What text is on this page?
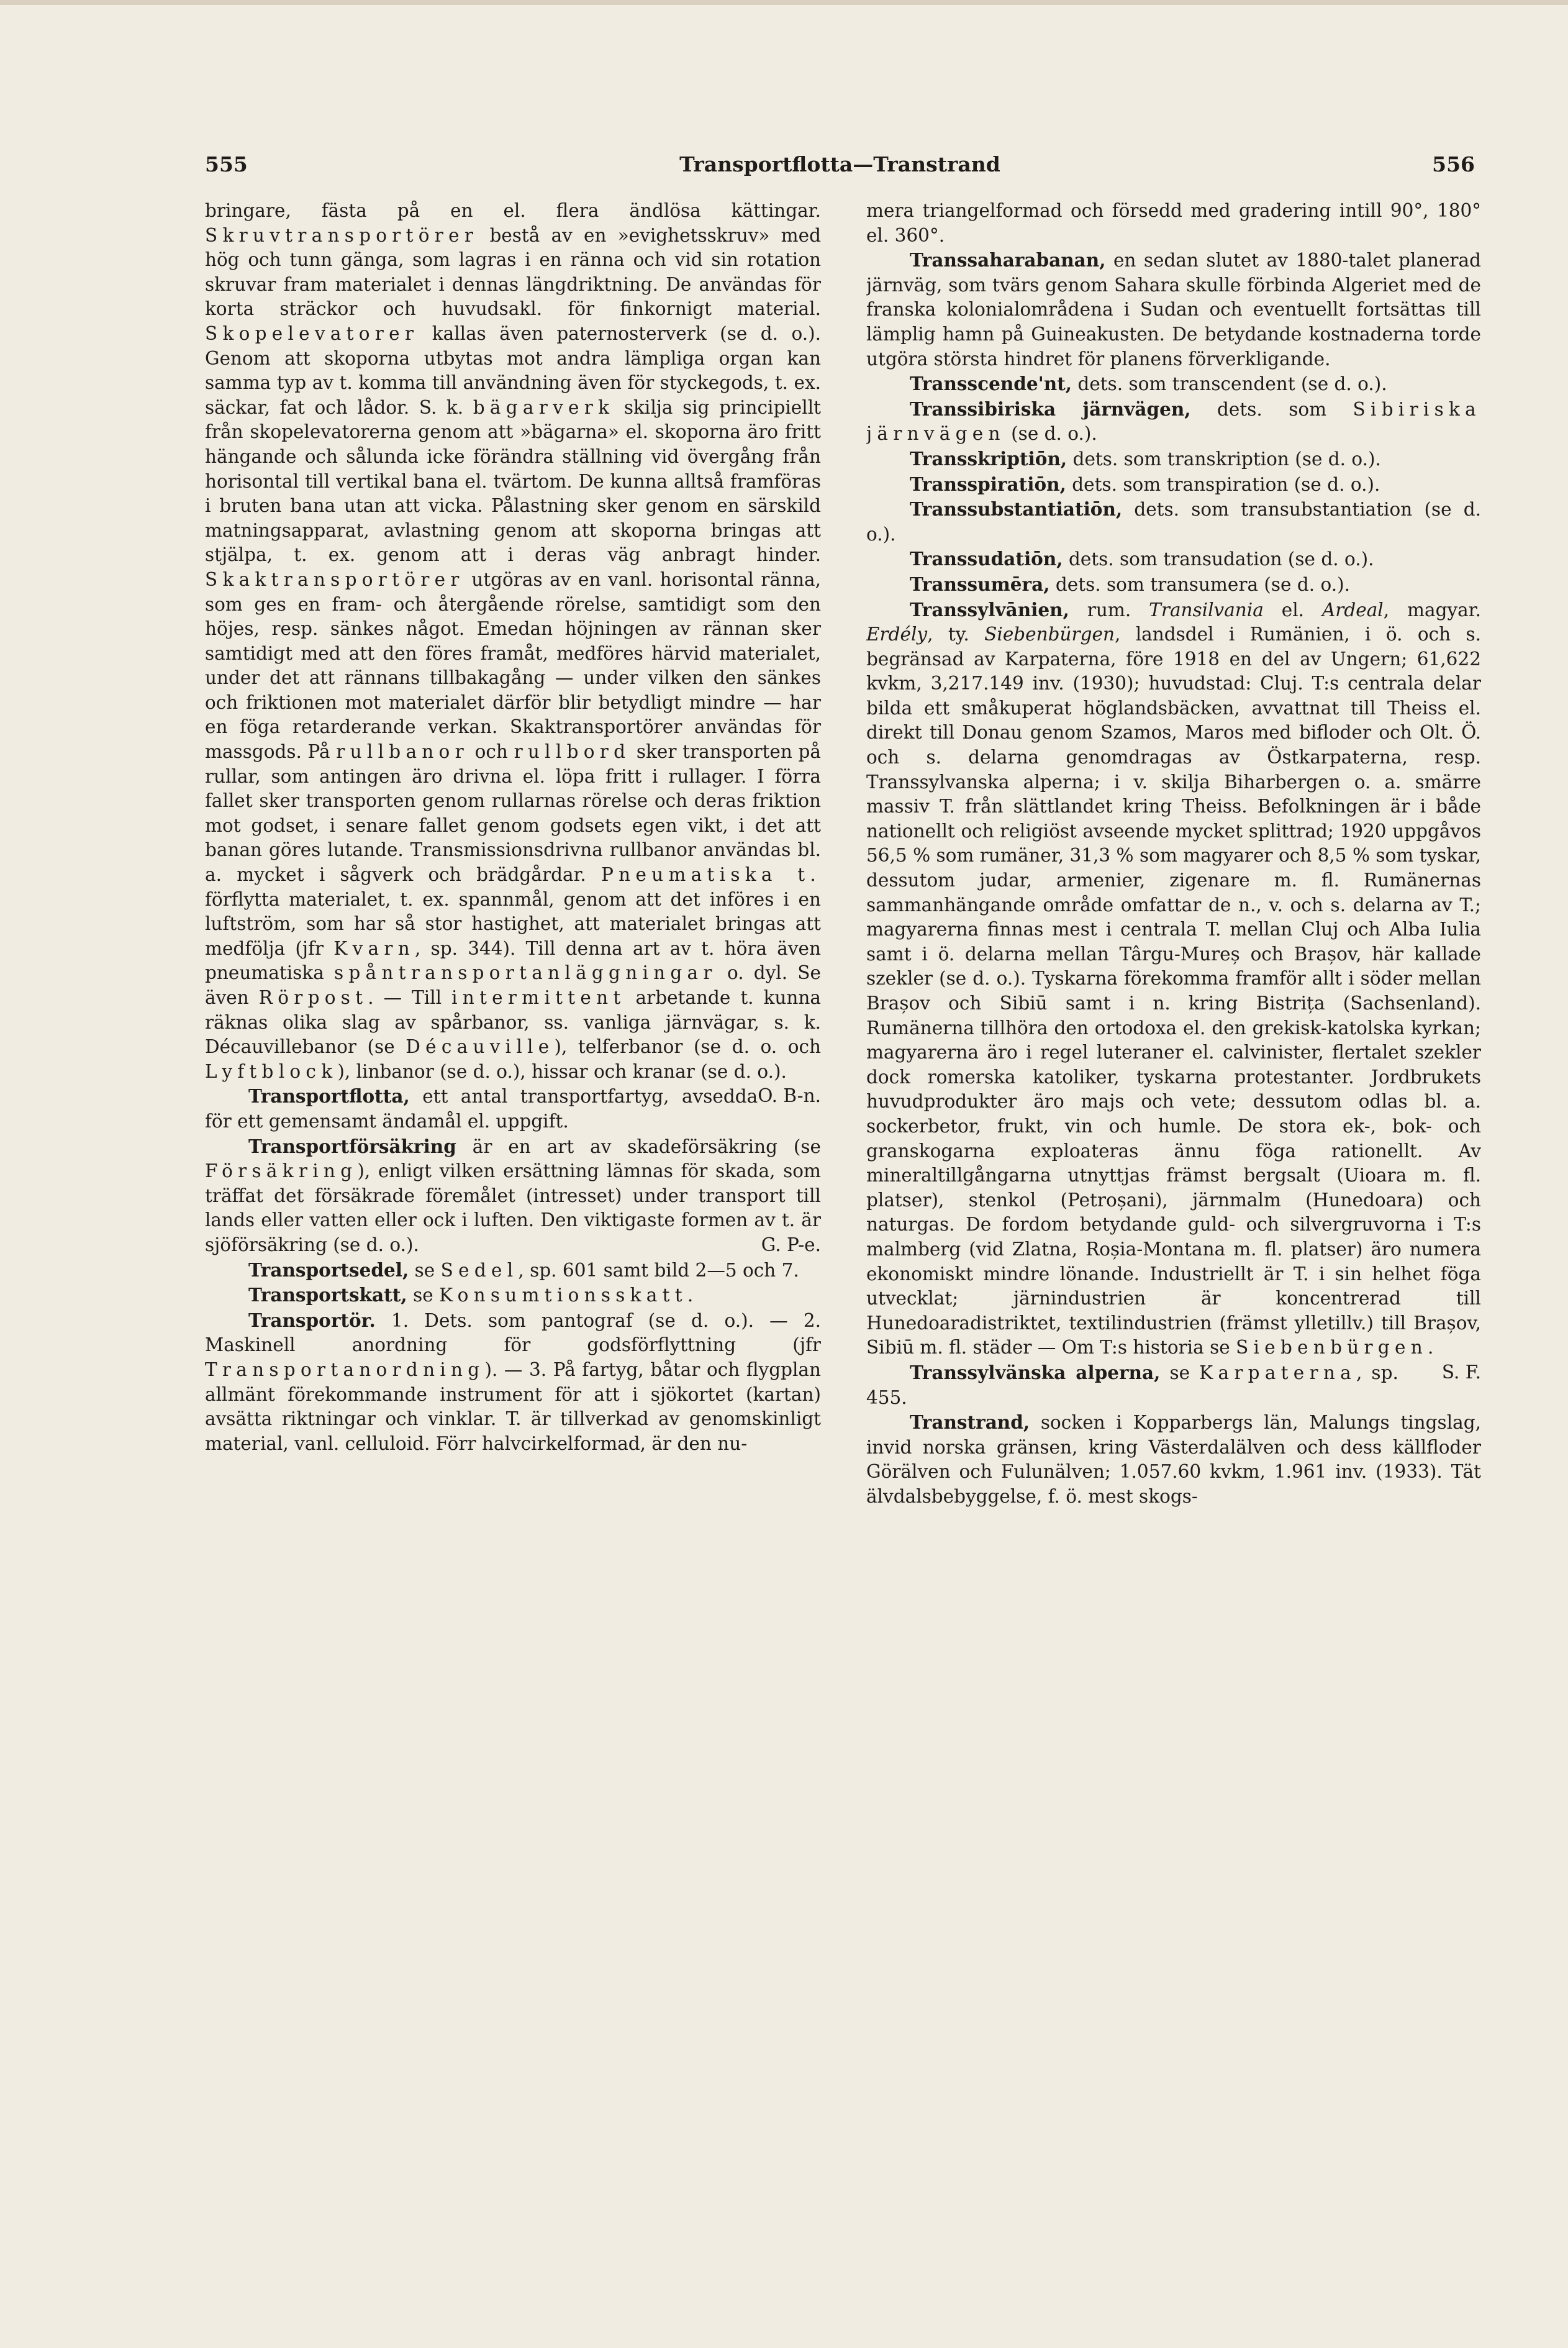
555	Transportflotta—Transtrand	556

bringare, fästa på en el. flera ändlösa kättingar. Skruvtransportörer bestå av en »evighetsskruv» med hög och tunn gänga, som lagras i en ränna och vid sin rotation skruvar fram materialet i dennas längdriktning. De användas för korta sträckor och huvudsakl. för finkornigt material. Skopelevatorer kallas även paternosterverk (se d. o.). Genom att skoporna utbytas mot andra lämpliga organ kan samma typ av t. komma till användning även för styckegods, t. ex. säckar, fat och lådor. S. k. bägarverk skilja sig principiellt från skopelevatorerna genom att »bägarna» el. skoporna äro fritt hängande och sålunda icke förändra ställning vid övergång från horisontal till vertikal bana el. tvärtom. De kunna alltså framföras i bruten bana utan att vicka. Pålastning sker genom en särskild matningsapparat, avlastning genom att skoporna bringas att stjälpa, t. ex. genom att i deras väg anbragt hinder. Skaktransportörer utgöras av en vanl. horisontal ränna, som ges en fram- och återgående rörelse, samtidigt som den höjes, resp. sänkes något. Emedan höjningen av rännan sker samtidigt med att den föres framåt, medföres härvid materialet, under det att rännans tillbakagång — under vilken den sänkes och friktionen mot materialet därför blir betydligt mindre — har en föga retarderande verkan. Skaktransportörer användas för massgods. På rullbanor och rullbord sker transporten på rullar, som antingen äro drivna el. löpa fritt i rullager. I förra fallet sker transporten genom rullarnas rörelse och deras friktion mot godset, i senare fallet genom godsets egen vikt, i det att banan göres lutande. Transmissionsdrivna rullbanor användas bl. a. mycket i sågverk och brädgårdar. Pneumatiska t. förflytta materialet, t. ex. spannmål, genom att det införes i en luftström, som har så stor hastighet, att materialet bringas att medfölja (jfr Kvarn, sp. 344). Till denna art av t. höra även pneumatiska spåntransportanläggningar o. dyl. Se även Rörpost. — Till intermittent arbetande t. kunna räknas olika slag av spårbanor, ss. vanliga järnvägar, s. k. Décauvillebanor (se Décauville), telferbanor (se d. o. och Lyftblock), linbanor (se d. o.), hissar och kranar (se d. o.).
O. B-n.

Transportflotta, ett antal transportfartyg, avsedda för ett gemensamt ändamål el. uppgift.

Transportförsäkring är en art av skadeförsäkring (se Försäkring), enligt vilken ersättning lämnas för skada, som träffat det försäkrade föremålet (intresset) under transport till lands eller vatten eller ock i luften. Den viktigaste formen av t. är sjöförsäkring (se d. o.).	G. P-e.

Transportsedel, se Sedel, sp. 601 samt bild 2—5 och 7.

Transportskatt, se Konsumtionsskatt.

Transportör. 1. Dets. som pantograf (se d. o.). — 2. Maskinell anordning för godsförflyttning (jfr Transportanordning). — 3. På fartyg, båtar och flygplan allmänt förekommande instrument för att i sjökortet (kartan) avsätta riktningar och vinklar. T. är tillverkad av genomskinligt material, vanl. celluloid. Förr halvcirkelformad, är den nu-

mera triangelformad och försedd med gradering intill 90°, 180° el. 360°.

Transsaharabanan, en sedan slutet av 1880-talet planerad järnväg, som tvärs genom Sahara skulle förbinda Algeriet med de franska kolonialområdena i Sudan och eventuellt fortsättas till lämplig hamn på Guineakusten. De betydande kostnaderna torde utgöra största hindret för planens förverkligande.

Transscende'nt, dets. som transcendent (se d. o.).

Transsibiriska järnvägen, dets. som Sibiriska järnvägen (se d. o.).

Transskriptiōn, dets. som transkription (se d. o.).

Transspiratiōn, dets. som transpiration (se d. o.).

Transsubstantiatiōn, dets. som transubstantiation (se d. o.).

Transsudatiōn, dets. som transudation (se d. o.).

Transsumēra, dets. som transumera (se d. o.).

Transsylvānien, rum. Transilvania el. Ardeal, magyar. Erdély, ty. Siebenbürgen, landsdel i Rumänien, i ö. och s. begränsad av Karpaterna, före 1918 en del av Ungern; 61,622 kvkm, 3,217.149 inv. (1930); huvudstad: Cluj. T:s centrala delar bilda ett småkuperat höglandsbäcken, avvattnat till Theiss el. direkt till Donau genom Szamos, Maros med bifloder och Olt. Ö. och s. delarna genomdragas av Östkarpaterna, resp. Transsylvanska alperna; i v. skilja Biharbergen o. a. smärre massiv T. från slättlandet kring Theiss. Befolkningen är i både nationellt och religiöst avseende mycket splittrad; 1920 uppgåvos 56,5 % som rumäner, 31,3 % som magyarer och 8,5 % som tyskar, dessutom judar, armenier, zigenare m. fl. Rumänernas sammanhängande område omfattar de n., v. och s. delarna av T.; magyarerna finnas mest i centrala T. mellan Cluj och Alba Iulia samt i ö. delarna mellan Târgu-Mureș och Brașov, här kallade szekler (se d. o.). Tyskarna förekomma framför allt i söder mellan Brașov och Sibiū samt i n. kring Bistrița (Sachsenland). Rumänerna tillhöra den ortodoxa el. den grekisk-katolska kyrkan; magyarerna äro i regel luteraner el. calvinister, flertalet szekler dock romerska katoliker, tyskarna protestanter. Jordbrukets huvudprodukter äro majs och vete; dessutom odlas bl. a. sockerbetor, frukt, vin och humle. De stora ek-, bok- och granskogarna exploateras ännu föga rationellt. Av mineraltillgångarna utnyttjas främst bergsalt (Uioara m. fl. platser), stenkol (Petroșani), järnmalm (Hunedoara) och naturgas. De fordom betydande guld- och silvergruvorna i T:s malmberg (vid Zlatna, Roșia-Montana m. fl. platser) äro numera ekonomiskt mindre lönande. Industriellt är T. i sin helhet föga utvecklat; järnindustrien är koncentrerad till Hunedoaradistriktet, textilindustrien (främst ylletillv.) till Brașov, Sibiū m. fl. städer — Om T:s historia se Siebenbürgen.
S. F.

Transsylvänska alperna, se Karpaterna, sp. 455.

Transtrand, socken i Kopparbergs län, Malungs tingslag, invid norska gränsen, kring Västerdalälven och dess källfloder Görälven och Fulunälven; 1.057.60 kvkm, 1.961 inv. (1933). Tät älvdalsbebyggelse, f. ö. mest skogs-
